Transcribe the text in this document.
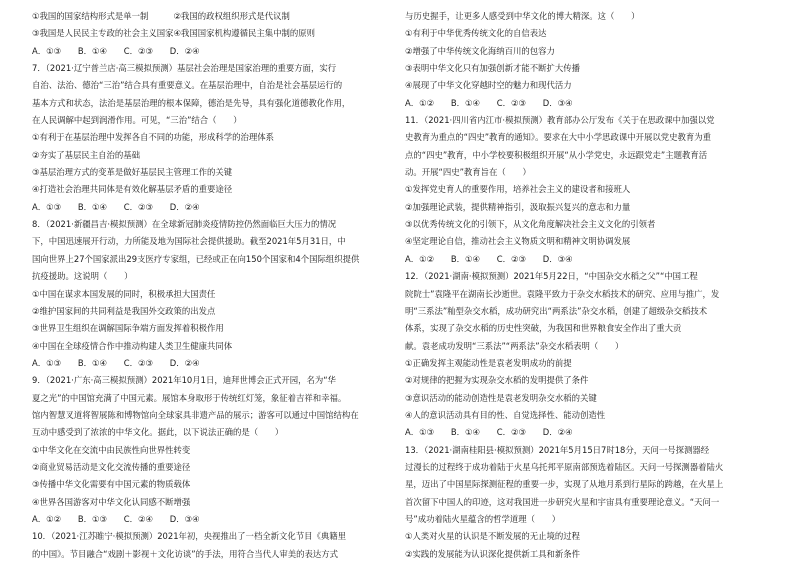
①我国的国家结构形式是单一制　　　②我国的政权组织形式是代议制
③我国是人民民主专政的社会主义国家④我国国家机构遵循民主集中制的原则
A．①③　　B．①④　　C．②③　　D．②④
7．（2021·辽宁普兰店·高三模拟预测）基层社会治理是国家治理的重要方面，实行
自治、法治、德治“三治”结合具有重要意义。在基层治理中，自治是社会基层运行的
基本方式和状态，法治是基层治理的根本保障，德治是先导，具有强化道德教化作用，
在人民调解中起到润滑作用。可见，“三治”结合（　　）
①有利于在基层治理中发挥各自不同的功能，形成科学的治理体系
②夯实了基层民主自治的基础
③基层治理方式的变革是做好基层民主管理工作的关键
④打造社会治理共同体是有效化解基层矛盾的重要途径
A．①③　　B．①④　　C．②③　　D．②④
8．（2021·新疆昌吉·模拟预测）在全球新冠肺炎疫情防控仍然面临巨大压力的情况
下，中国迅速展开行动，力所能及地为国际社会提供援助。截至2021年5月31日，中
国向世界上27个国家派出29支医疗专家组，已经或正在向150个国家和4个国际组织提供
抗疫援助。这说明（　　）
①中国在谋求本国发展的同时，积极承担大国责任
②维护国家间的共同利益是我国外交政策的出发点
③世界卫生组织在调解国际争端方面发挥着积极作用
④中国在全球疫情合作中推动构建人类卫生健康共同体
A．①③　　B．①④　　C．②③　　D．②④
9．（2021·广东·高三模拟预测）2021年10月1日，迪拜世博会正式开园，名为“华
夏之光”的中国馆充满了中国元素。展馆本身取形于传统红灯笼，象征着吉祥和幸福。
馆内智慧叉道将智展陈和博物馆向全球家具非遗产品的展示；游客可以通过中国馆结构在
互动中感受到了浓浓的中华文化。据此，以下说法正确的是（　　）
①中华文化在交流中由民族性向世界性转变
②商业贸易活动是文化交流传播的重要途径
③传播中华文化需要有中国元素的物质载体
④世界各国游客对中华文化认同感不断增强
A．①②　　B．①③　　C．②④　　D．③④
10．（2021·江苏睢宁·模拟预测）2021年初，央视推出了一档全新文化节目《典籍里
的中国》。节目融合“戏剧＋影视＋文化访谈”的手法，用符合当代人审美的表达方式
与历史握手，让更多人感受到中华文化的博大精深。这（　　）
①有利于中华优秀传统文化的自信表达
②增强了中华传统文化海纳百川的包容力
③表明中华文化只有加强创新才能不断扩大传播
④展现了中华文化穿越时空的魅力和现代活力
A．①②　　B．①④　　C．②③　　D．③④
11．（2021·四川省内江市·模拟预测）教育部办公厅发布《关于在思政课中加强以党
史教育为重点的“四史”教育的通知》。要求在大中小学思政课中开展以党史教育为重
点的“四史”教育，中小学校要积极组织开展“从小学党史，永远跟党走”主题教育活
动。开展“四史”教育旨在（　　）
①发挥党史育人的重要作用，培养社会主义的建设者和接班人
②加强理论武装，提供精神指引，汲取振兴复兴的意志和力量
③以优秀传统文化的引领下，从文化角度解决社会主义文化的引领者
④坚定理论自信，推动社会主义物质文明和精神文明协调发展
A．①②　　B．①④　　C．②③　　D．③④
12．（2021·湖南·模拟预测）2021年5月22日，“中国杂交水稻之父”“中国工程
院院士”袁隆平在湖南长沙逝世。袁隆平致力于杂交水稻技术的研究、应用与推广，发
明“三系法”籼型杂交水稻，成功研究出“两系法”杂交水稻，创建了超级杂交稻技术
体系，实现了杂交水稻的历史性突破，为我国和世界粮食安全作出了重大贡
献。袁老成功发明“三系法”“两系法”杂交水稻表明（　　）
①正确发挥主观能动性是袁老发明成功的前提
②对规律的把握为实现杂交水稻的发明提供了条件
③意识活动的能动创造性是袁老发明杂交水稻的关键
④人的意识活动具有目的性、自觉选择性、能动创造性
A．①③　　B．①④　　C．②③　　D．②④
13．（2021·湖南桂阳县·模拟预测）2021年5月15日7时18分，天问一号探测器经
过漫长的过程终于成功着陆于火星乌托邦平原南部预选着陆区。天问一号探测器着陆火
星，迈出了中国星际探测征程的重要一步，实现了从地月系到行星际的跨越，在火星上
首次留下中国人的印迹，这对我国进一步研究火星和宇宙具有重要理论意义。“天问一
号”成功着陆火星蕴含的哲学道理（　　）
①人类对火星的认识是不断发展的无止境的过程
②实践的发展能为认识深化提供新工具和新条件
